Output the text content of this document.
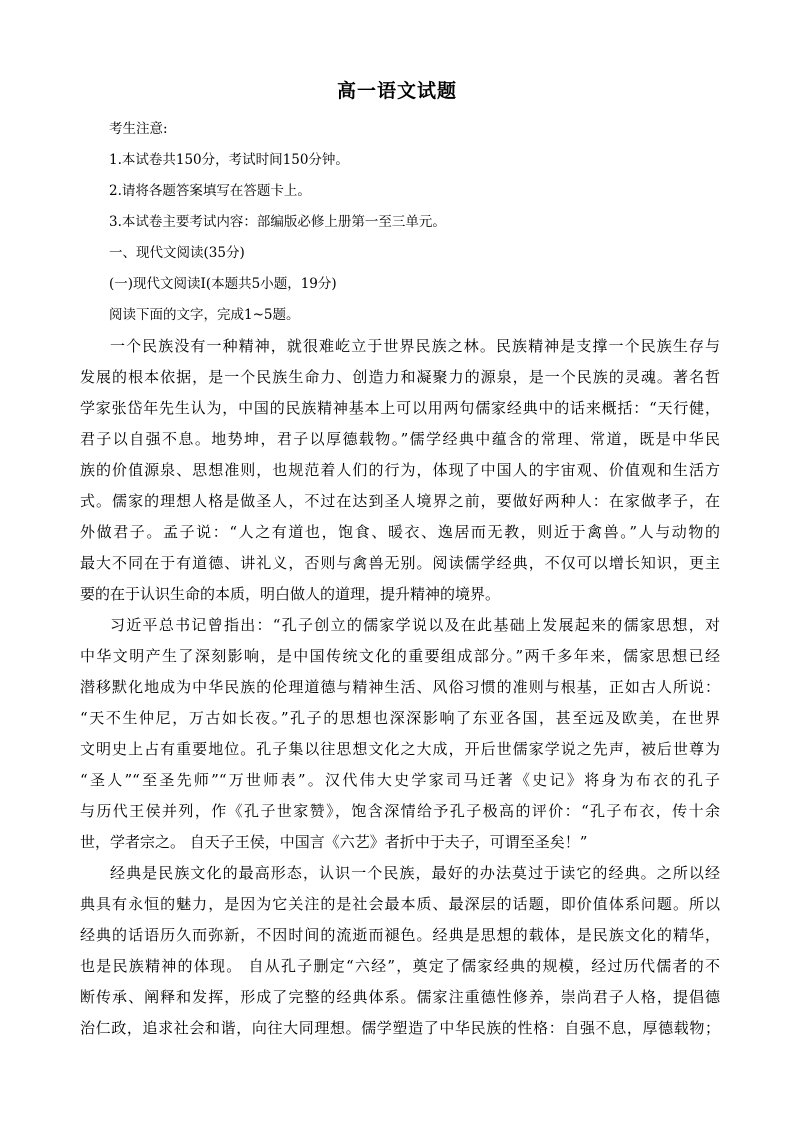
高一语文试题
考生注意:
1.本试卷共150分，考试时间150分钟。
2.请将各题答案填写在答题卡上。
3.本试卷主要考试内容：部编版必修上册第一至三单元。
一、现代文阅读(35分)
(一)现代文阅读Ⅰ(本题共5小题，19分)
阅读下面的文字，完成1~5题。
一个民族没有一种精神，就很难屹立于世界民族之林。民族精神是支撑一个民族生存与
发展的根本依据，是一个民族生命力、创造力和凝聚力的源泉，是一个民族的灵魂。著名哲
学家张岱年先生认为，中国的民族精神基本上可以用两句儒家经典中的话来概括：“天行健，
君子以自强不息。地势坤，君子以厚德载物。”儒学经典中蕴含的常理、常道，既是中华民
族的价值源泉、思想准则，也规范着人们的行为，体现了中国人的宇宙观、价值观和生活方
式。儒家的理想人格是做圣人，不过在达到圣人境界之前，要做好两种人：在家做孝子，在
外做君子。孟子说：“人之有道也，饱食、暖衣、逸居而无教，则近于禽兽。”人与动物的
最大不同在于有道德、讲礼义，否则与禽兽无别。阅读儒学经典，不仅可以增长知识，更主
要的在于认识生命的本质，明白做人的道理，提升精神的境界。
习近平总书记曾指出：“孔子创立的儒家学说以及在此基础上发展起来的儒家思想，对
中华文明产生了深刻影响，是中国传统文化的重要组成部分。”两千多年来，儒家思想已经
潜移默化地成为中华民族的伦理道德与精神生活、风俗习惯的准则与根基，正如古人所说：
“天不生仲尼，万古如长夜。”孔子的思想也深深影响了东亚各国，甚至远及欧美，在世界
文明史上占有重要地位。孔子集以往思想文化之大成，开后世儒家学说之先声，被后世尊为
“圣人”“至圣先师”“万世师表”。汉代伟大史学家司马迁著《史记》将身为布衣的孔子
与历代王侯并列，作《孔子世家赞》，饱含深情给予孔子极高的评价：“孔子布衣，传十余
世，学者宗之。 自天子王侯，中国言《六艺》者折中于夫子，可谓至圣矣！”
经典是民族文化的最高形态，认识一个民族，最好的办法莫过于读它的经典。之所以经
典具有永恒的魅力，是因为它关注的是社会最本质、最深层的话题，即价值体系问题。所以
经典的话语历久而弥新，不因时间的流逝而褪色。经典是思想的载体，是民族文化的精华，
也是民族精神的体现。 自从孔子删定“六经”，奠定了儒家经典的规模，经过历代儒者的不
断传承、阐释和发挥，形成了完整的经典体系。儒家注重德性修养，崇尚君子人格，提倡德
治仁政，追求社会和谐，向往大同理想。儒学塑造了中华民族的性格：自强不息，厚德载物；
